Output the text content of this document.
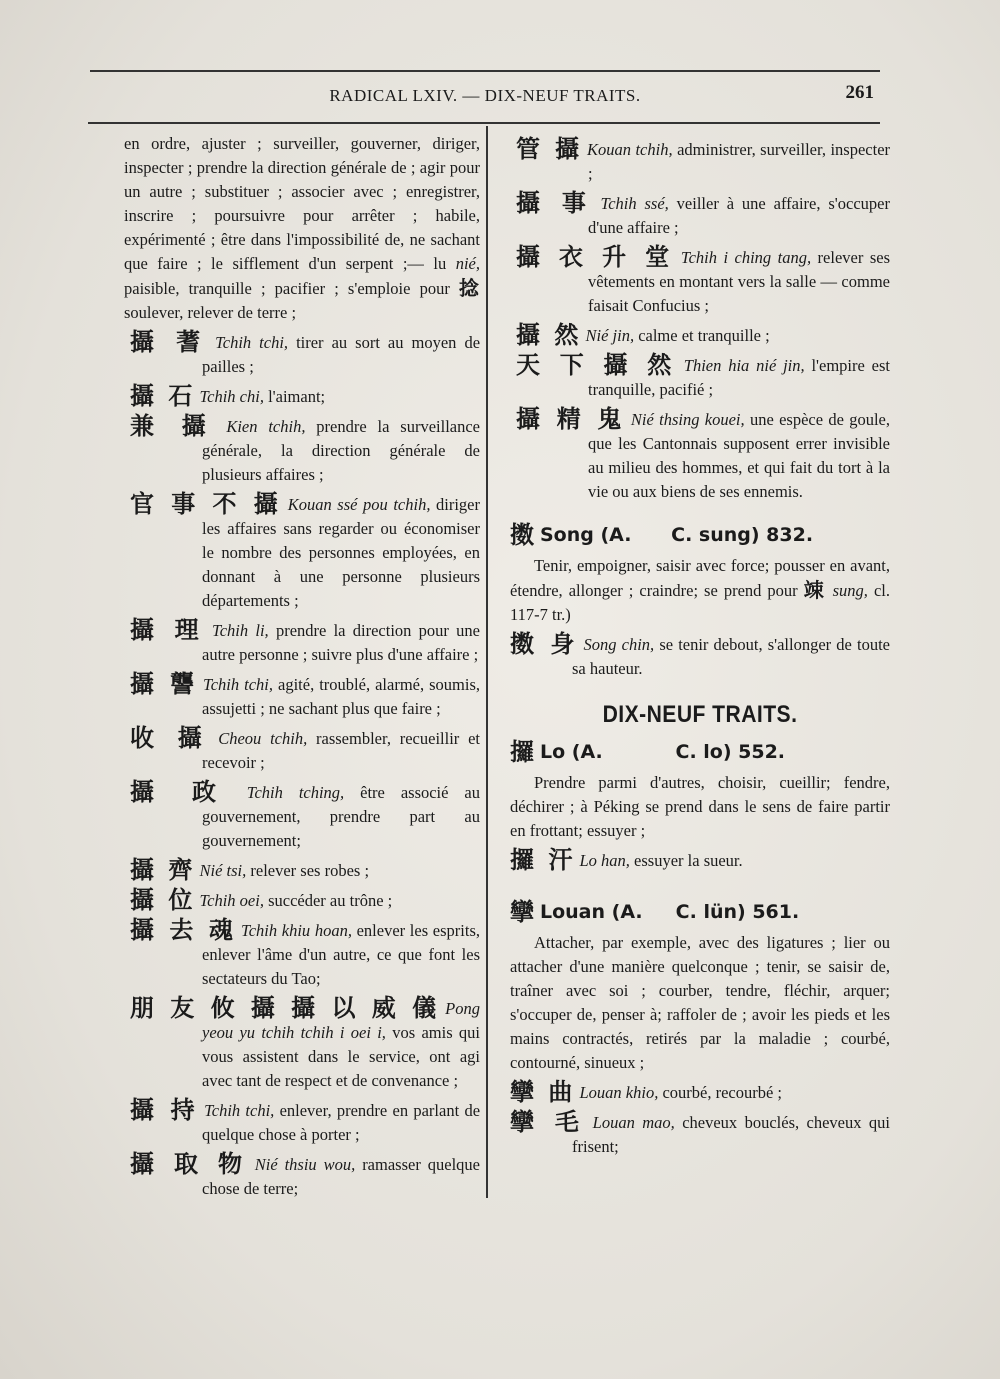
RADICAL LXIV. — DIX-NEUF TRAITS.	261
en ordre, ajuster ; surveiller, gouverner, diriger, inspecter ; prendre la direction générale de ; agir pour un autre ; substituer ; associer avec ; enregistrer, inscrire ; poursuivre pour arrêter ; habile, expérimenté ; être dans l'impossibilité de, ne sachant que faire ; le sifflement d'un serpent ;— lu nié, paisible, tranquille ; pacifier ; s'emploie pour 捻soulever, relever de terre ;
攝 蓍 Tchih tchi, tirer au sort au moyen de pailles ;
攝 石 Tchih chi, l'aimant;
兼 攝 Kien tchih, prendre la surveillance générale, la direction générale de plusieurs affaires ;
官 事 不 攝 Kouan ssé pou tchih, diriger les affaires sans regarder ou économiser le nombre des personnes employées, en donnant à une personne plusieurs départements ;
攝 理 Tchih li, prendre la direction pour une autre personne ; suivre plus d'une affaire ;
攝 讋 Tchih tchi, agité, troublé, alarmé, soumis, assujetti ; ne sachant plus que faire ;
收 攝 Cheou tchih, rassembler, recueillir et recevoir ;
攝 政 Tchih tching, être associé au gouvernement, prendre part au gouvernement;
攝 齊 Nié tsi, relever ses robes ;
攝 位 Tchih oei, succéder au trône ;
攝 去 魂 Tchih khiu hoan, enlever les esprits, enlever l'âme d'un autre, ce que font les sectateurs du Tao;
朋 友 攸 攝 攝 以 威 儀 Pong yeou yu tchih tchih i oei i, vos amis qui vous assistent dans le service, ont agi avec tant de respect et de convenance ;
攝 持 Tchih tchi, enlever, prendre en parlant de quelque chose à porter ;
攝 取 物 Nié thsiu wou, ramasser quelque chose de terre;
管 攝 Kouan tchih, administrer, surveiller, inspecter ;
攝 事 Tchih ssé, veiller à une affaire, s'occuper d'une affaire ;
攝 衣 升 堂 Tchih i ching tang, relever ses vêtements en montant vers la salle — comme faisait Confucius ;
攝 然 Nié jin, calme et tranquille ;
天 下 攝 然 Thien hia nié jin, l'empire est tranquille, pacifié ;
攝 精 鬼 Nié thsing kouei, une espèce de goule, que les Cantonnais supposent errer invisible au milieu des hommes, et qui fait du tort à la vie ou aux biens de ses ennemis.
擞 Song (A.      C. sung) 832.
Tenir, empoigner, saisir avec force; pousser en avant, étendre, allonger ; craindre; se prend pour 竦 sung, cl. 117-7 tr.)
擞 身 Song chin, se tenir debout, s'allonger de toute sa hauteur.
DIX-NEUF TRAITS.
攞 Lo (A.           C. lo) 552.
Prendre parmi d'autres, choisir, cueillir; fendre, déchirer ; à Péking se prend dans le sens de faire partir en frottant; essuyer ;
攞 汗 Lo han, essuyer la sueur.
攣 Louan (A.     C. lün) 561.
Attacher, par exemple, avec des ligatures ; lier ou attacher d'une manière quelconque ; tenir, se saisir de, traîner avec soi ; courber, tendre, fléchir, arquer; s'occuper de, penser à; raffoler de ; avoir les pieds et les mains contractés, retirés par la maladie ; courbé, contourné, sinueux ;
攣 曲 Louan khio, courbé, recourbé ;
攣 毛 Louan mao, cheveux bouclés, cheveux qui frisent;
